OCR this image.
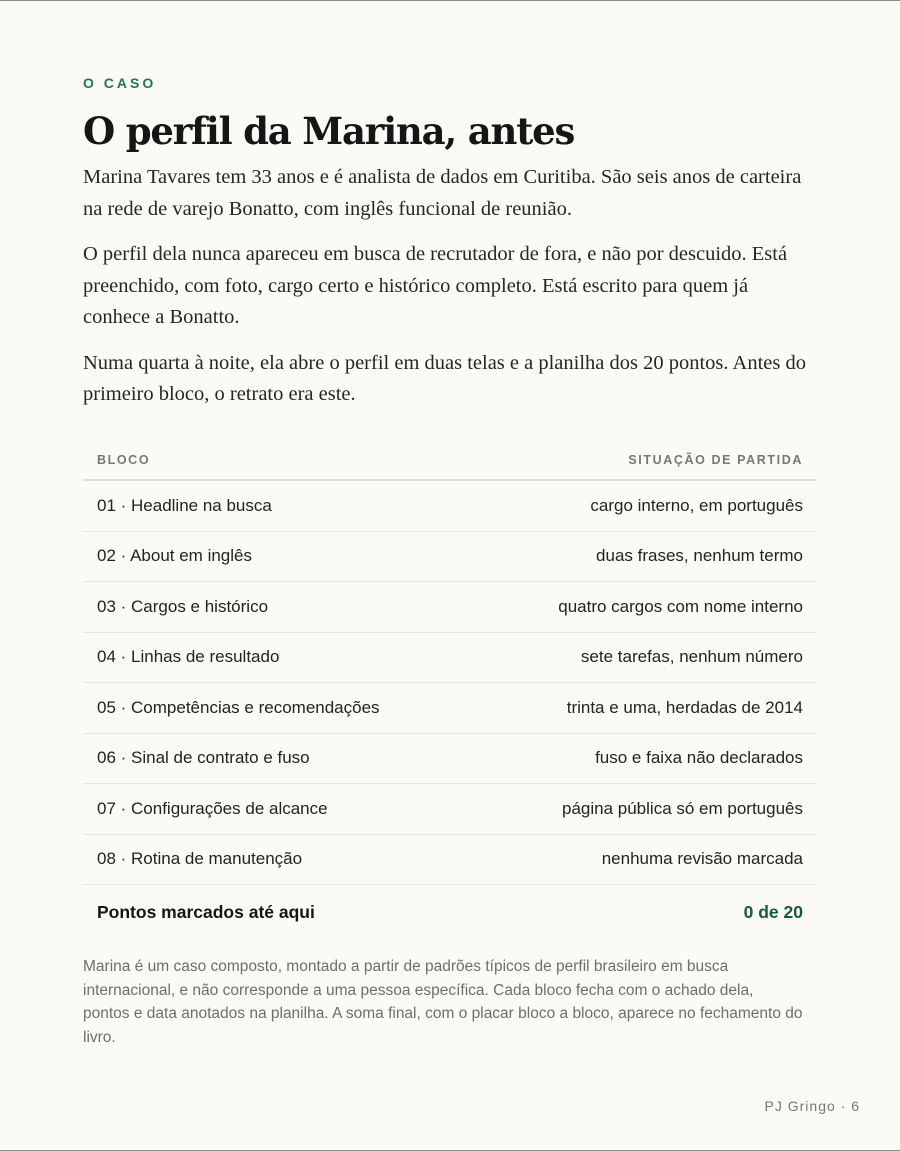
O CASO
O perfil da Marina, antes

Marina Tavares tem 33 anos e é analista de dados em Curitiba. São seis anos de carteira na rede de varejo Bonatto, com inglês funcional de reunião.

O perfil dela nunca apareceu em busca de recrutador de fora, e não por descuido. Está preenchido, com foto, cargo certo e histórico completo. Está escrito para quem já conhece a Bonatto.

Numa quarta à noite, ela abre o perfil em duas telas e a planilha dos 20 pontos. Antes do primeiro bloco, o retrato era este.

BLOCO	SITUAÇÃO DE PARTIDA
01 · Headline na busca	cargo interno, em português
02 · About em inglês	duas frases, nenhum termo
03 · Cargos e histórico	quatro cargos com nome interno
04 · Linhas de resultado	sete tarefas, nenhum número
05 · Competências e recomendações	trinta e uma, herdadas de 2014
06 · Sinal de contrato e fuso	fuso e faixa não declarados
07 · Configurações de alcance	página pública só em português
08 · Rotina de manutenção	nenhuma revisão marcada
Pontos marcados até aqui	0 de 20
Marina é um caso composto, montado a partir de padrões típicos de perfil brasileiro em busca internacional, e não corresponde a uma pessoa específica. Cada bloco fecha com o achado dela, pontos e data anotados na planilha. A soma final, com o placar bloco a bloco, aparece no fechamento do livro.
PJ Gringo · 6
